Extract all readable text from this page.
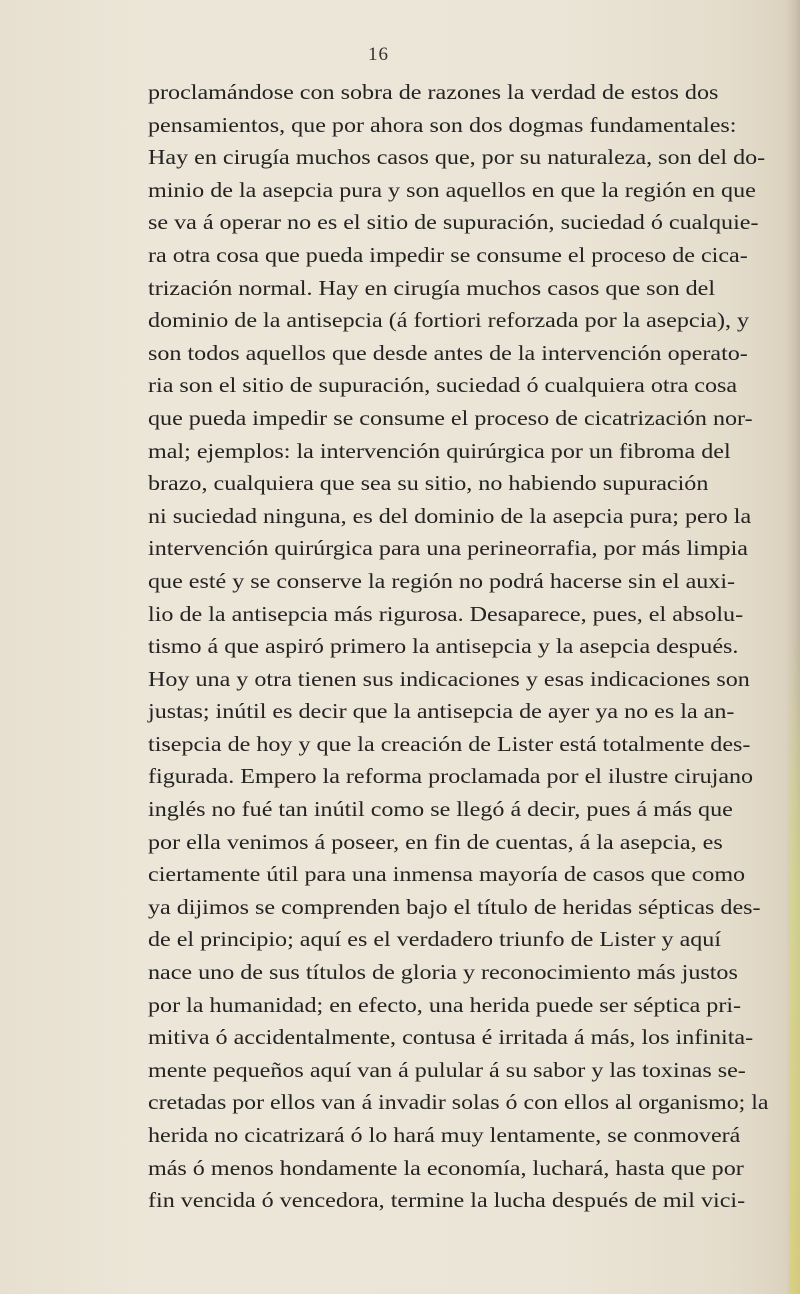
16
proclamándose con sobra de razones la verdad de estos dos
pensamientos, que por ahora son dos dogmas fundamentales:
Hay en cirugía muchos casos que, por su naturaleza, son del do-
minio de la asepcia pura y son aquellos en que la región en que
se va á operar no es el sitio de supuración, suciedad ó cualquie-
ra otra cosa que pueda impedir se consume el proceso de cica-
trización normal. Hay en cirugía muchos casos que son del
dominio de la antisepcia (á fortiori reforzada por la asepcia), y
son todos aquellos que desde antes de la intervención operato-
ria son el sitio de supuración, suciedad ó cualquiera otra cosa
que pueda impedir se consume el proceso de cicatrización nor-
mal; ejemplos: la intervención quirúrgica por un fibroma del
brazo, cualquiera que sea su sitio, no habiendo supuración
ni suciedad ninguna, es del dominio de la asepcia pura; pero la
intervención quirúrgica para una perineorrafia, por más limpia
que esté y se conserve la región no podrá hacerse sin el auxi-
lio de la antisepcia más rigurosa. Desaparece, pues, el absolu-
tismo á que aspiró primero la antisepcia y la asepcia después.
Hoy una y otra tienen sus indicaciones y esas indicaciones son
justas; inútil es decir que la antisepcia de ayer ya no es la an-
tisepcia de hoy y que la creación de Lister está totalmente des-
figurada. Empero la reforma proclamada por el ilustre cirujano
inglés no fué tan inútil como se llegó á decir, pues á más que
por ella venimos á poseer, en fin de cuentas, á la asepcia, es
ciertamente útil para una inmensa mayoría de casos que como
ya dijimos se comprenden bajo el título de heridas sépticas des-
de el principio; aquí es el verdadero triunfo de Lister y aquí
nace uno de sus títulos de gloria y reconocimiento más justos
por la humanidad; en efecto, una herida puede ser séptica pri-
mitiva ó accidentalmente, contusa é irritada á más, los infinita-
mente pequeños aquí van á pulular á su sabor y las toxinas se-
cretadas por ellos van á invadir solas ó con ellos al organismo; la
herida no cicatrizará ó lo hará muy lentamente, se conmoverá
más ó menos hondamente la economía, luchará, hasta que por
fin vencida ó vencedora, termine la lucha después de mil vici-
